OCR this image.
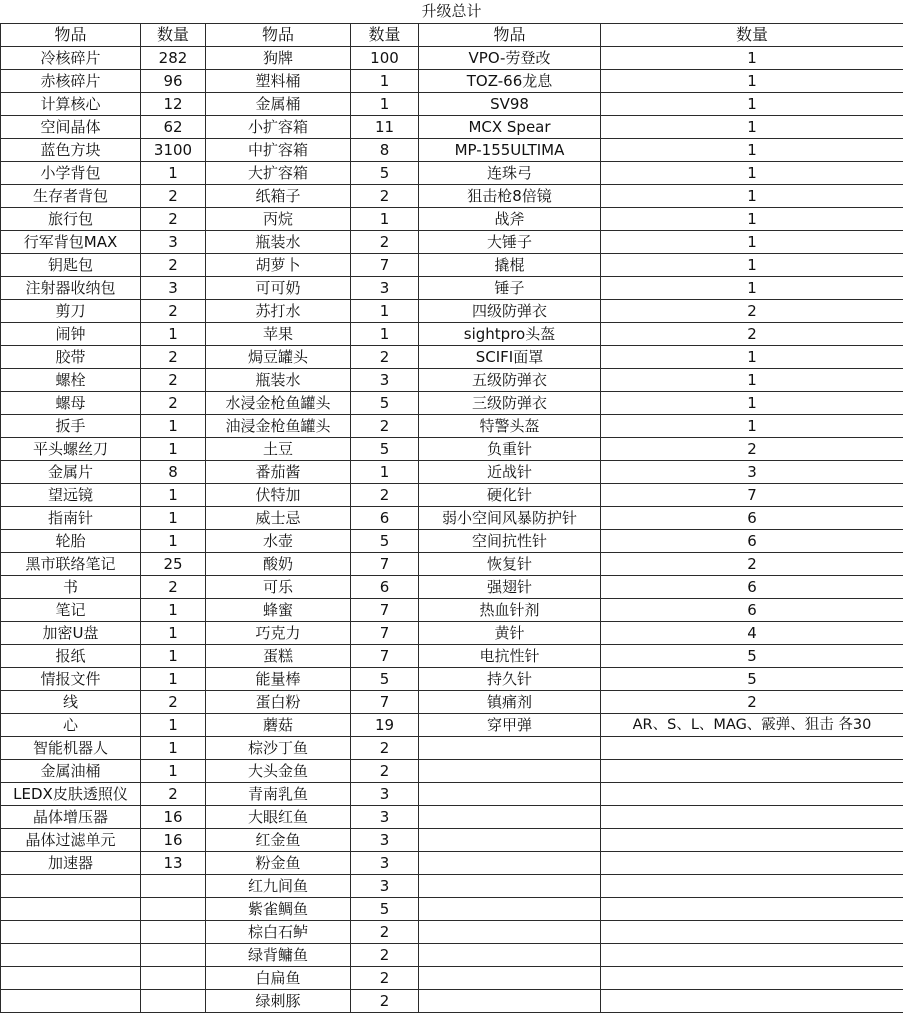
升级总计
物品	数量	物品	数量	物品	数量
冷核碎片	282	狗牌	100	VPO-劳登改	1
赤核碎片	96	塑料桶	1	TOZ-66龙息	1
计算核心	12	金属桶	1	SV98	1
空间晶体	62	小扩容箱	11	MCX Spear	1
蓝色方块	3100	中扩容箱	8	MP-155ULTIMA	1
小学背包	1	大扩容箱	5	连珠弓	1
生存者背包	2	纸箱子	2	狙击枪8倍镜	1
旅行包	2	丙烷	1	战斧	1
行军背包MAX	3	瓶装水	2	大锤子	1
钥匙包	2	胡萝卜	7	撬棍	1
注射器收纳包	3	可可奶	3	锤子	1
剪刀	2	苏打水	1	四级防弹衣	2
闹钟	1	苹果	1	sightpro头盔	2
胶带	2	焗豆罐头	2	SCIFI面罩	1
螺栓	2	瓶装水	3	五级防弹衣	1
螺母	2	水浸金枪鱼罐头	5	三级防弹衣	1
扳手	1	油浸金枪鱼罐头	2	特警头盔	1
平头螺丝刀	1	土豆	5	负重针	2
金属片	8	番茄酱	1	近战针	3
望远镜	1	伏特加	2	硬化针	7
指南针	1	威士忌	6	弱小空间风暴防护针	6
轮胎	1	水壶	5	空间抗性针	6
黑市联络笔记	25	酸奶	7	恢复针	2
书	2	可乐	6	强翅针	6
笔记	1	蜂蜜	7	热血针剂	6
加密U盘	1	巧克力	7	黄针	4
报纸	1	蛋糕	7	电抗性针	5
情报文件	1	能量棒	5	持久针	5
线	2	蛋白粉	7	镇痛剂	2
心	1	蘑菇	19	穿甲弹	AR、S、L、MAG、霰弹、狙击 各30
智能机器人	1	棕沙丁鱼	2		
金属油桶	1	大头金鱼	2		
LEDX皮肤透照仪	2	青南乳鱼	3		
晶体增压器	16	大眼红鱼	3		
晶体过滤单元	16	红金鱼	3		
加速器	13	粉金鱼	3		
		红九间鱼	3		
		紫雀鲷鱼	5		
		棕白石鲈	2		
		绿背鳙鱼	2		
		白扁鱼	2		
		绿刺豚	2		
